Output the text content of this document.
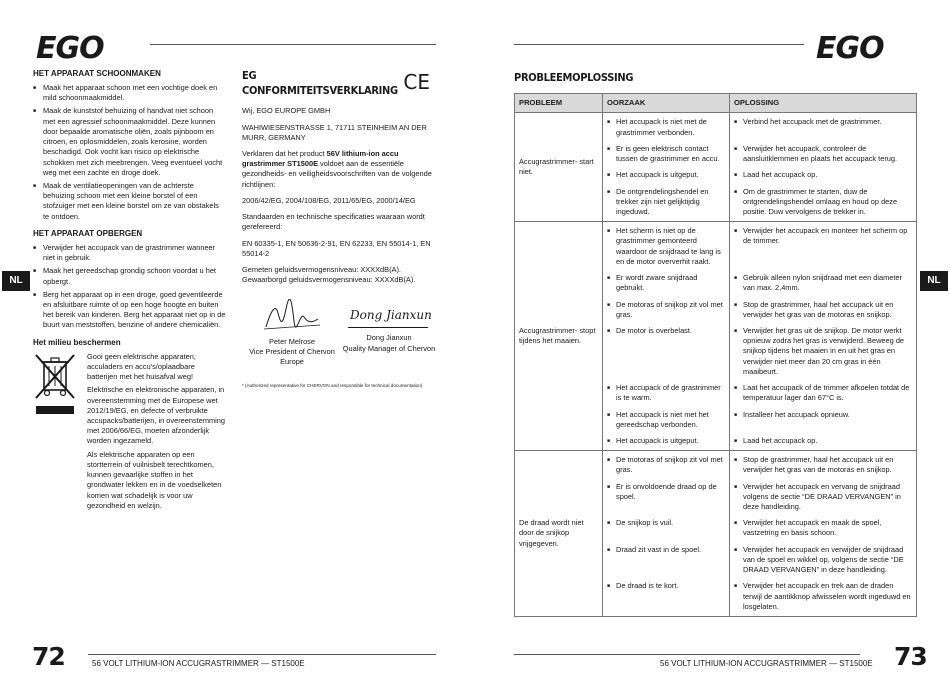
EGO
NL
HET APPARAAT SCHOONMAKEN
■ Maak het apparaat schoon met een vochtige doek en mild schoonmaakmiddel.
■ Maak de kunststof behuizing of handvat niet schoon met een agressief schoonmaakmiddel. Deze kunnen door bepaalde aromatische oliën, zoals pijnboom en citroen, en oplosmiddelen, zoals kerosine, worden beschadigd. Ook vocht kan risico op elektrische schokken met zich meebrengen. Veeg eventueel vocht weg met een zachte en droge doek.
■ Maak de ventilatieopeningen van de achterste behuizing schoon met een kleine borstel of een stofzuiger met een kleine borstel om ze van obstakels te ontdoen.
HET APPARAAT OPBERGEN
■ Verwijder het accupack van de grastrimmer wanneer niet in gebruik.
■ Maak het gereedschap grondig schoon voordat u het opbergt.
■ Berg het apparaat op in een droge, goed geventileerde en afsluitbare ruimte of op een hoge hoogte en buiten het bereik van kinderen. Berg het apparaat niet op in de buurt van meststoffen, benzine of andere chemicaliën.
Het milieu beschermen
Gooi geen elektrische apparaten, acculaders en accu's/oplaadbare batterijen met het huisafval weg!
Elektrische en elektronische apparaten, in overeenstemming met de Europese wet 2012/19/EG, en defecte of verbruikte accupacks/batterijen, in overeenstemming met 2006/66/EG, moeten afzonderlijk worden ingezameld.
Als elektrische apparaten op een stortterrein of vuilnisbelt terechtkomen, kunnen gevaarlijke stoffen in het grondwater lekken en in de voedselketen komen wat schadelijk is voor uw gezondheid en welzijn.
EG CONFORMITEITSVERKLARING CE
Wij, EGO EUROPE GMBH
WAHIWIESENSTRASSE 1, 71711 STEINHEIM AN DER MURR, GERMANY
Verklaren dat het product 56V lithium-ion accu grastrimmer ST1500E voldoet aan de essentiële gezondheids- en veiligheidsvoorschriften van de volgende richtlijnen:
2006/42/EG, 2004/108/EG, 2011/65/EG, 2000/14/EG
Standaarden en technische specificaties waaraan wordt gerefereerd:
EN 60335-1, EN 50636-2-91, EN 62233, EN 55014-1, EN 55014-2
Gemeten geluidsvermogensniveau: XXXXdB(A).
Gewaarborgd geluidsvermogensniveau: XXXXdB(A).
Peter Melrose
Vice President of Chervon Europe
Dong Jianxun
Dong Jianxun
Quality Manager of Chervon
* (Authorized representative for CHERVON and responsible for technical documentation)
72	56 VOLT LITHIUM-ION ACCUGRASTRIMMER — ST1500E
EGO
NL
PROBLEEMOPLOSSING
PROBLEEM	OORZAAK	OPLOSSING
Accugrastrimmer- start niet.	■ Het accupack is niet met de grastrimmer verbonden.	■ Verbind het accupack met de grastrimmer.

	■ Er is geen elektrisch contact tussen de grastrimmer en accu.	■ Verwijder het accupack, controleer de aansluitklemmen en plaats het accupack terug.

	■ Het accupack is uitgeput.	■ Laad het accupack op.

	■ De ontgrendelingshendel en trekker zijn niet gelijktijdig ingeduwd.	■ Om de grastrimmer te starten, duw de ontgrendelingshendel omlaag en houd op deze positie. Duw vervolgens de trekker in.

Accugrastrimmer- stopt tijdens het maaien.	■ Het scherm is niet op de grastrimmer gemonteerd waardoor de snijdraad te lang is en de motor oververhit raakt.	■ Verwijder het accupack en monteer het scherm op de trimmer.

	■ Er wordt zware snijdraad gebruikt.	■ Gebruik alleen nylon snijdraad met een diameter van max. 2,4mm.

	■ De motoras of snijkop zit vol met gras.	■ Stop de grastrimmer, haal het accupack uit en verwijder het gras van de motoras en snijkop.

	■ De motor is overbelast.	■ Verwijder het gras uit de snijkop. De motor werkt opnieuw zodra het gras is verwijderd. Beweeg de snijkop tijdens het maaien in en uit het gras en verwijder niet meer dan 20 cm gras in één maaibeurt.

	■ Het accupack of de grastrimmer is te warm.	■ Laat het accupack of de trimmer afkoelen totdat de temperatuur lager dan 67°C is.

	■ Het accupack is niet met het gereedschap verbonden.	■ Installeer het accupack opnieuw.

	■ Het accupack is uitgeput.	■ Laad het accupack op.

De draad wordt niet door de snijkop vrijgegeven.	■ De motoras of snijkop zit vol met gras.	■ Stop de grastrimmer, haal het accupack uit en verwijder het gras van de motoras en snijkop.

	■ Er is onvoldoende draad op de spoel.	■ Verwijder het accupack en vervang de snijdraad volgens de sectie “DE DRAAD VERVANGEN” in deze handleiding.

	■ De snijkop is vuil.	■ Verwijder het accupack en maak de spoel, vastzetring en basis schoon.

	■ Draad zit vast in de spoel.	■ Verwijder het accupack en verwijder de snijdraad van de spoel en wikkel op, volgens de sectie “DE DRAAD VERVANGEN” in deze handleiding.

	■ De draad is te kort.	■ Verwijder het accupack en trek aan de draden terwijl de aantikknop afwisselen wordt ingeduwd en losgelaten.
56 VOLT LITHIUM-ION ACCUGRASTRIMMER — ST1500E 73
